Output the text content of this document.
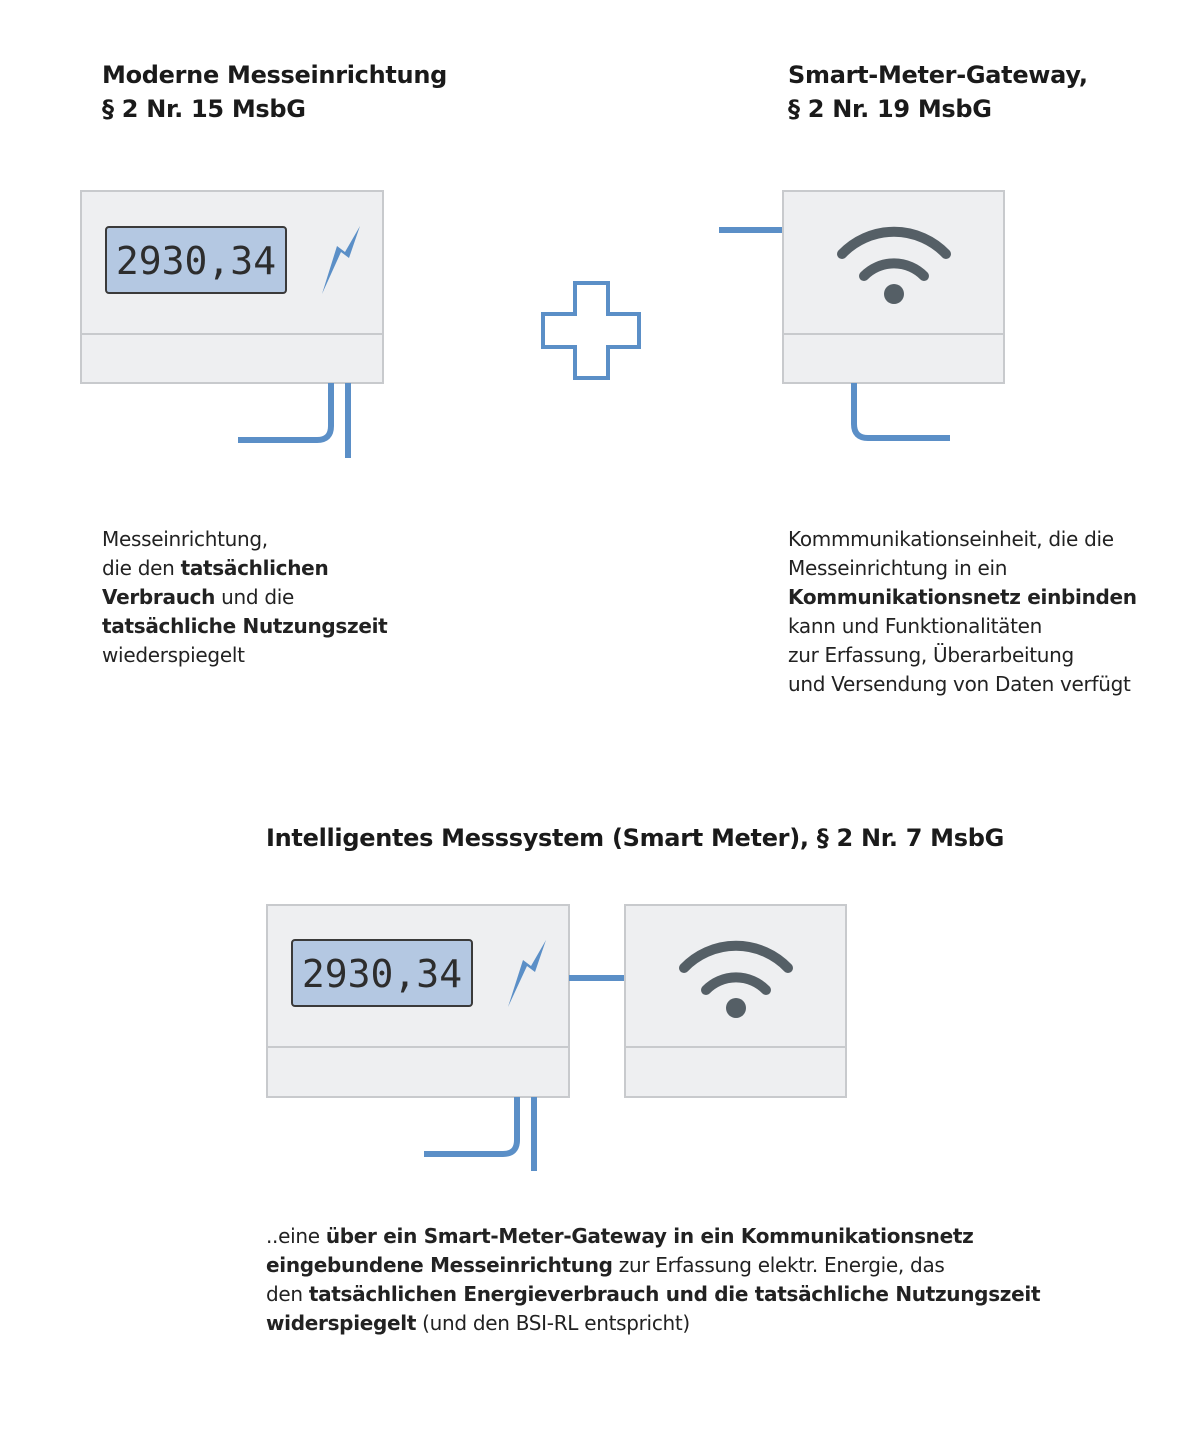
2930,34
2930,34
Moderne Messeinrichtung
§ 2 Nr. 15 MsbG
Smart-Meter-Gateway,
§ 2 Nr. 19 MsbG
Intelligentes Messsystem (Smart Meter), § 2 Nr. 7 MsbG

Messeinrichtung,
die den tatsächlichen
Verbrauch und die
tatsächliche Nutzungszeit
wiederspiegelt

Kommmunikationseinheit, die die
Messeinrichtung in ein
Kommunikationsnetz einbinden
kann und Funktionalitäten
zur Erfassung, Überarbeitung
und Versendung von Daten verfügt

..eine über ein Smart-Meter-Gateway in ein Kommunikationsnetz
eingebundene Messeinrichtung zur Erfassung elektr. Energie, das
den tatsächlichen Energieverbrauch und die tatsächliche Nutzungszeit
widerspiegelt (und den BSI-RL entspricht)
